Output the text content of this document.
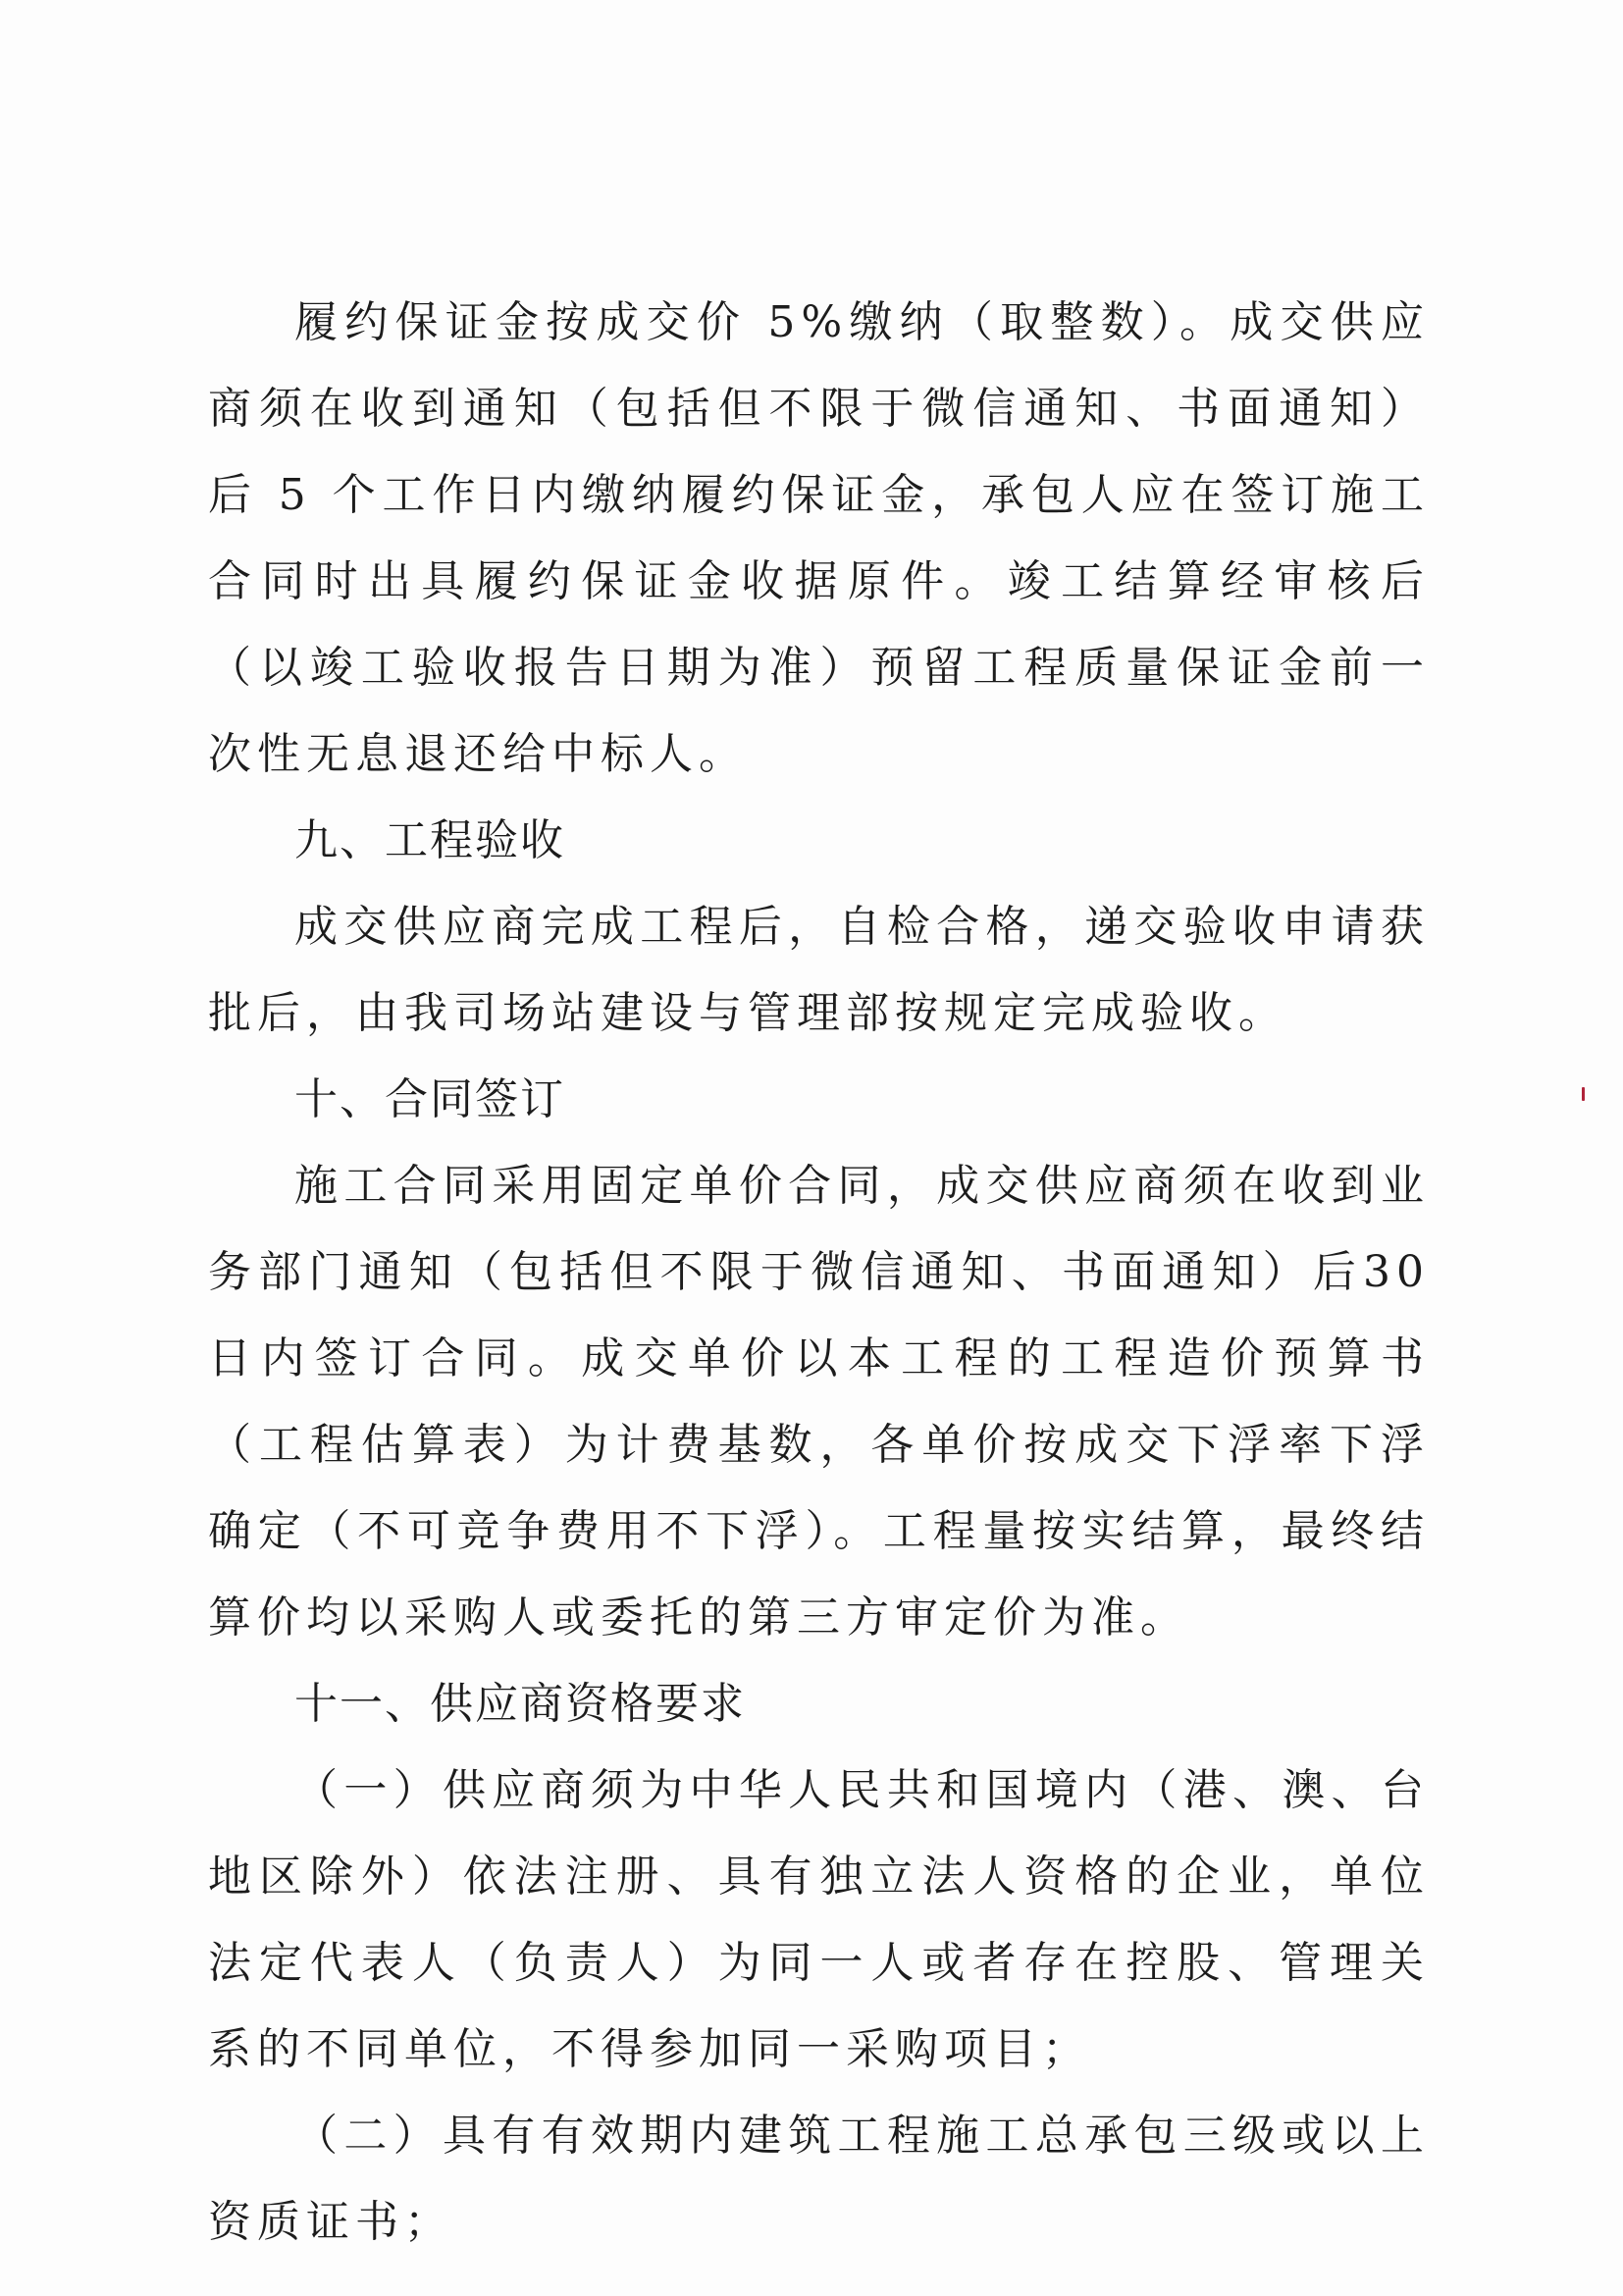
履约保证金按成交价 5%缴纳（取整数）。成交供应商须在收到通知（包括但不限于微信通知、书面通知）后 5 个工作日内缴纳履约保证金，承包人应在签订施工合同时出具履约保证金收据原件。竣工结算经审核后（以竣工验收报告日期为准）预留工程质量保证金前一次性无息退还给中标人。

九、工程验收

成交供应商完成工程后，自检合格，递交验收申请获批后，由我司场站建设与管理部按规定完成验收。

十、合同签订

施工合同采用固定单价合同，成交供应商须在收到业务部门通知（包括但不限于微信通知、书面通知）后30 日内签订合同。成交单价以本工程的工程造价预算书（工程估算表）为计费基数，各单价按成交下浮率下浮确定（不可竞争费用不下浮）。工程量按实结算，最终结算价均以采购人或委托的第三方审定价为准。

十一、供应商资格要求

（一）供应商须为中华人民共和国境内（港、澳、台地区除外）依法注册、具有独立法人资格的企业，单位法定代表人（负责人）为同一人或者存在控股、管理关系的不同单位，不得参加同一采购项目；

（二）具有有效期内建筑工程施工总承包三级或以上资质证书；
